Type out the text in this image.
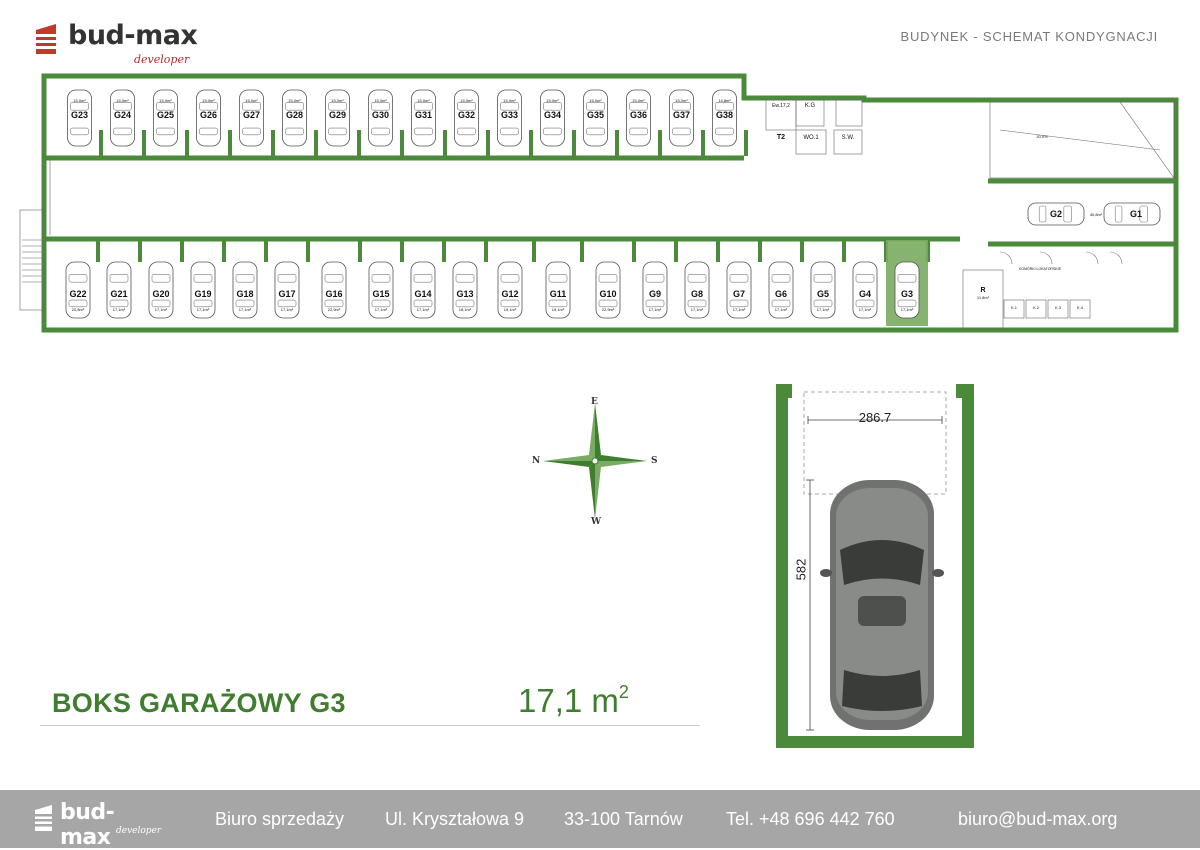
bud-max
developer
BUDYNEK - SCHEMAT KONDYGNACJI
G23
15,0m²
G24
15,0m²
G25
15,0m²
G26
15,0m²
G27
15,0m²
G28
15,0m²
G29
15,0m²
G30
15,0m²
G31
15,0m²
G32
15,0m²
G33
15,0m²
G34
15,0m²
G35
15,0m²
G36
15,0m²
G37
15,0m²
G38
14,8m²
G22
20,8m²
G21
17,1m²
G20
17,1m²
G19
17,1m²
G18
17,1m²
G17
17,1m²
G16
22,9m²
G15
17,1m²
G14
17,1m²
G13
18,1m²
G12
19,1m²
G11
19,1m²
G10
22,9m²
G9
17,1m²
G8
17,1m²
G7
17,1m²
G6
17,1m²
G5
17,1m²
G4
17,1m²
G3
17,1m²
G2	G1
40,8m²
20,0%
Ew.17,2 K.G
T2	WO.1	S.W.
R
11,8m²
KOMÓRKI LOKATORSKIE
K.1	K.2	K.3	K.4
E
W
N	S
BOKS GARAŻOWY G3	17,1 $m^2$
286.7
582
bud-max developer
Biuro sprzedaży Ul. Kryształowa 9 33-100 Tarnów Tel. +48 696 442 760	biuro@bud-max.org
